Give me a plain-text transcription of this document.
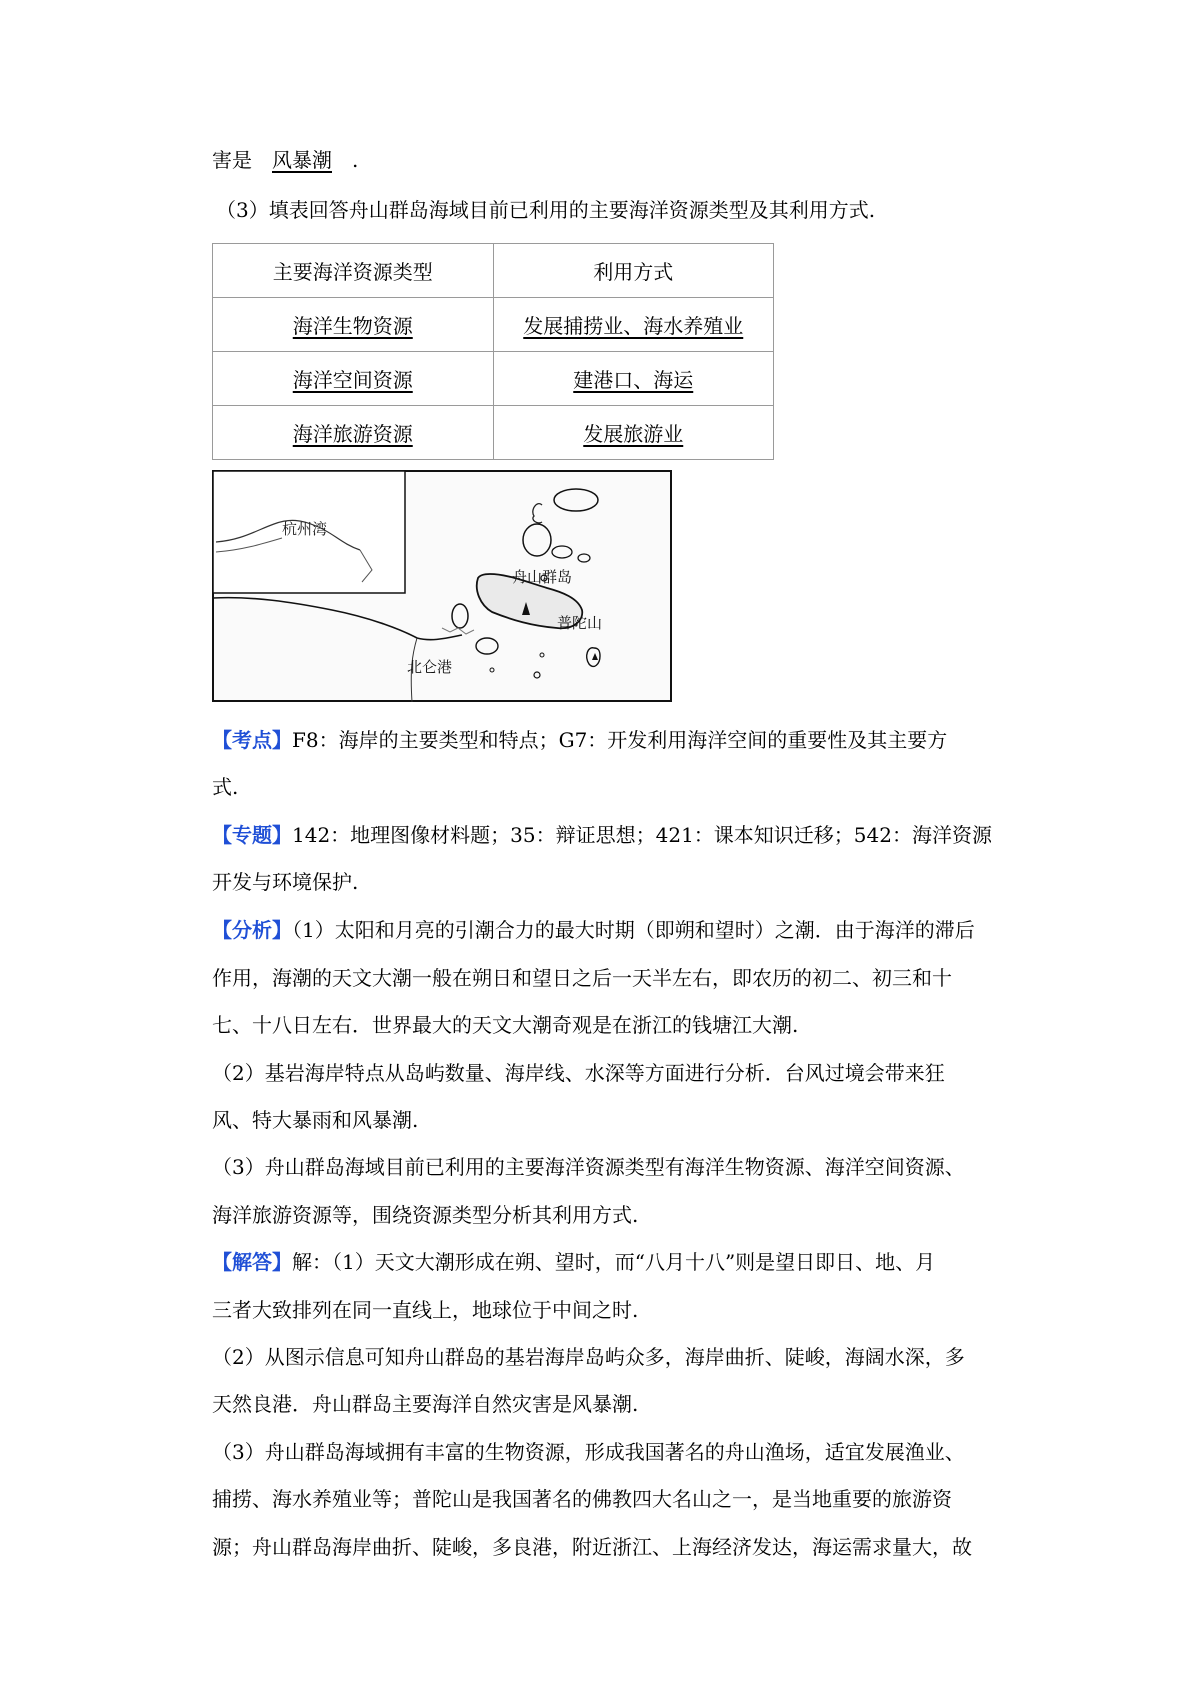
害是 风暴潮 .
（3）填表回答舟山群岛海域目前已利用的主要海洋资源类型及其利用方式.
主要海洋资源类型	利用方式
海洋生物资源	发展捕捞业、海水养殖业
海洋空间资源	建港口、海运
海洋旅游资源	发展旅游业
杭州湾
舟山群岛
普陀山
北仑港
【考点】F8：海岸的主要类型和特点；G7：开发利用海洋空间的重要性及其主要方
式.
【专题】142：地理图像材料题；35：辩证思想；421：课本知识迁移；542：海洋资源
开发与环境保护.
【分析】（1）太阳和月亮的引潮合力的最大时期（即朔和望时）之潮．由于海洋的滞后
作用，海潮的天文大潮一般在朔日和望日之后一天半左右，即农历的初二、初三和十
七、十八日左右．世界最大的天文大潮奇观是在浙江的钱塘江大潮.
（2）基岩海岸特点从岛屿数量、海岸线、水深等方面进行分析．台风过境会带来狂
风、特大暴雨和风暴潮.
（3）舟山群岛海域目前已利用的主要海洋资源类型有海洋生物资源、海洋空间资源、
海洋旅游资源等，围绕资源类型分析其利用方式.
【解答】解：（1）天文大潮形成在朔、望时，而“八月十八”则是望日即日、地、月
三者大致排列在同一直线上，地球位于中间之时.
（2）从图示信息可知舟山群岛的基岩海岸岛屿众多，海岸曲折、陡峻，海阔水深，多
天然良港．舟山群岛主要海洋自然灾害是风暴潮.
（3）舟山群岛海域拥有丰富的生物资源，形成我国著名的舟山渔场，适宜发展渔业、
捕捞、海水养殖业等；普陀山是我国著名的佛教四大名山之一，是当地重要的旅游资
源；舟山群岛海岸曲折、陡峻，多良港，附近浙江、上海经济发达，海运需求量大，故
